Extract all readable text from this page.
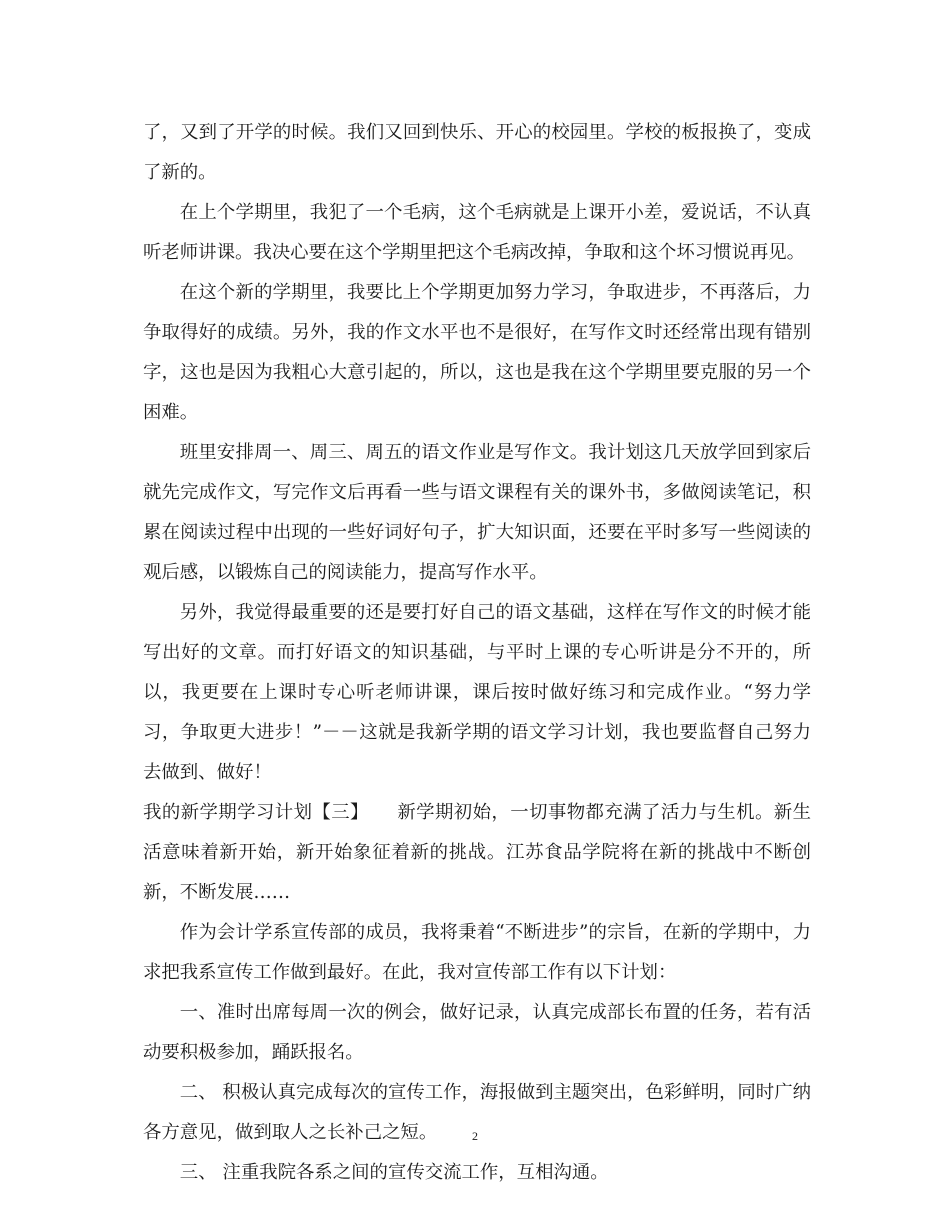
了，又到了开学的时候。我们又回到快乐、开心的校园里。学校的板报换了，变成了新的。

在上个学期里，我犯了一个毛病，这个毛病就是上课开小差，爱说话，不认真听老师讲课。我决心要在这个学期里把这个毛病改掉，争取和这个坏习惯说再见。

在这个新的学期里，我要比上个学期更加努力学习，争取进步，不再落后，力争取得好的成绩。另外，我的作文水平也不是很好，在写作文时还经常出现有错别字，这也是因为我粗心大意引起的，所以，这也是我在这个学期里要克服的另一个困难。

班里安排周一、周三、周五的语文作业是写作文。我计划这几天放学回到家后就先完成作文，写完作文后再看一些与语文课程有关的课外书，多做阅读笔记，积累在阅读过程中出现的一些好词好句子，扩大知识面，还要在平时多写一些阅读的观后感，以锻炼自己的阅读能力，提高写作水平。

另外，我觉得最重要的还是要打好自己的语文基础，这样在写作文的时候才能写出好的文章。而打好语文的知识基础，与平时上课的专心听讲是分不开的，所以，我更要在上课时专心听老师讲课，课后按时做好练习和完成作业。“努力学习，争取更大进步！”－－这就是我新学期的语文学习计划，我也要监督自己努力去做到、做好！

我的新学期学习计划【三】　　新学期初始，一切事物都充满了活力与生机。新生活意味着新开始，新开始象征着新的挑战。江苏食品学院将在新的挑战中不断创新，不断发展……

作为会计学系宣传部的成员，我将秉着“不断进步”的宗旨，在新的学期中，力求把我系宣传工作做到最好。在此，我对宣传部工作有以下计划：

一、准时出席每周一次的例会，做好记录，认真完成部长布置的任务，若有活动要积极参加，踊跃报名。

二、 积极认真完成每次的宣传工作，海报做到主题突出，色彩鲜明，同时广纳各方意见，做到取人之长补己之短。

三、 注重我院各系之间的宣传交流工作，互相沟通。

2
